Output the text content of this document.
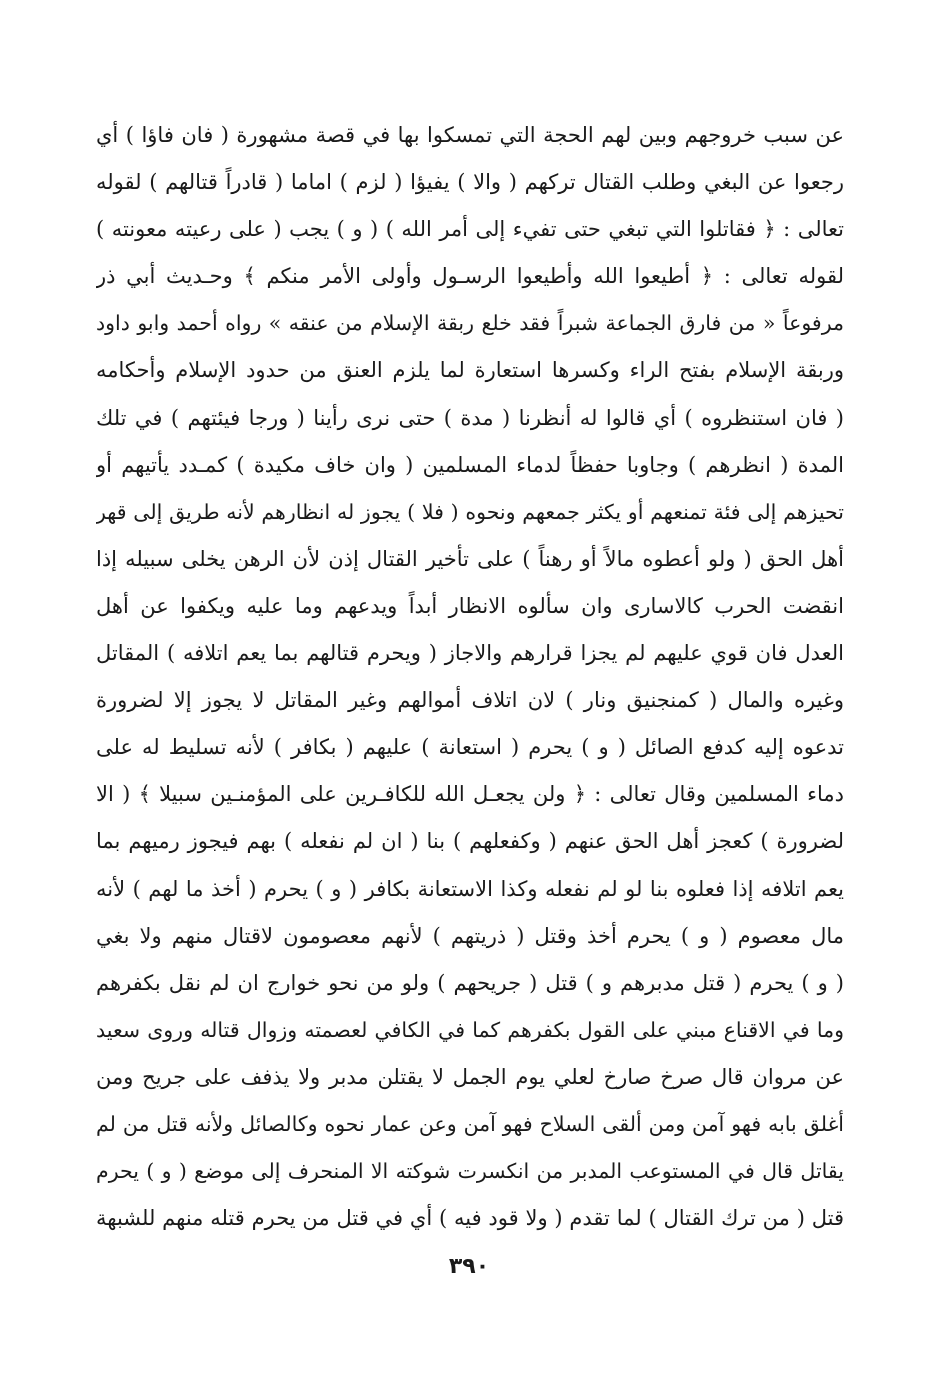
عن سبب خروجهم وبين لهم الحجة التي تمسكوا بها في قصة مشهورة ( فان فاؤا ) أي
رجعوا عن البغي وطلب القتال تركهم ( والا ) يفيؤا ( لزم ) اماما ( قادراً قتالهم ) لقوله
تعالى : ﴿ فقاتلوا التي تبغي حتى تفيء إلى أمر الله ) ( و ) يجب ( على رعيته معونته )
لقوله تعالى : ﴿ أطيعوا الله وأطيعوا الرسـول وأولى الأمر منكم ﴾ وحـديث أبي ذر
مرفوعاً « من فارق الجماعة شبراً فقد خلع ربقة الإسلام من عنقه » رواه أحمد وابو داود
وربقة الإسلام بفتح الراء وكسرها استعارة لما يلزم العنق من حدود الإسلام وأحكامه
( فان استنظروه ) أي قالوا له أنظرنا ( مدة ) حتى نرى رأينا ( ورجا فيئتهم ) في تلك
المدة ( انظرهم ) وجاوبا حفظاً لدماء المسلمين ( وان خاف مكيدة ) كمـدد يأتيهم أو
تحيزهم إلى فئة تمنعهم أو يكثر جمعهم ونحوه ( فلا ) يجوز له انظارهم لأنه طريق إلى قهر
أهل الحق ( ولو أعطوه مالاً أو رهناً ) على تأخير القتال إذن لأن الرهن يخلى سبيله إذا
انقضت الحرب كالاسارى وان سألوه الانظار أبداً ويدعهم وما عليه ويكفوا عن أهل
العدل فان قوي عليهم لم يجزا قرارهم والاجاز ( ويحرم قتالهم بما يعم اتلافه ) المقاتل
وغيره والمال ( كمنجنيق ونار ) لان اتلاف أموالهم وغير المقاتل لا يجوز إلا لضرورة
تدعوه إليه كدفع الصائل ( و ) يحرم ( استعانة ) عليهم ( بكافر ) لأنه تسليط له على
دماء المسلمين وقال تعالى : ﴿ ولن يجعـل الله للكافـرين على المؤمنـين سبيلا ﴾ ( الا
لضرورة ) كعجز أهل الحق عنهم ( وكفعلهم ) بنا ( ان لم نفعله ) بهم فيجوز رميهم بما
يعم اتلافه إذا فعلوه بنا لو لم نفعله وكذا الاستعانة بكافر ( و ) يحرم ( أخذ ما لهم ) لأنه
مال معصوم ( و ) يحرم أخذ وقتل ( ذريتهم ) لأنهم معصومون لاقتال منهم ولا بغي
( و ) يحرم ( قتل مدبرهم و ) قتل ( جريحهم ) ولو من نحو خوارج ان لم نقل بكفرهم
وما في الاقناع مبني على القول بكفرهم كما في الكافي لعصمته وزوال قتاله وروى سعيد
عن مروان قال صرخ صارخ لعلي يوم الجمل لا يقتلن مدبر ولا يذفف على جريح ومن
أغلق بابه فهو آمن ومن ألقى السلاح فهو آمن وعن عمار نحوه وكالصائل ولأنه قتل من لم
يقاتل قال في المستوعب المدبر من انكسرت شوكته الا المنحرف إلى موضع ( و ) يحرم
قتل ( من ترك القتال ) لما تقدم ( ولا قود فيه ) أي في قتل من يحرم قتله منهم للشبهة
٣٩٠
